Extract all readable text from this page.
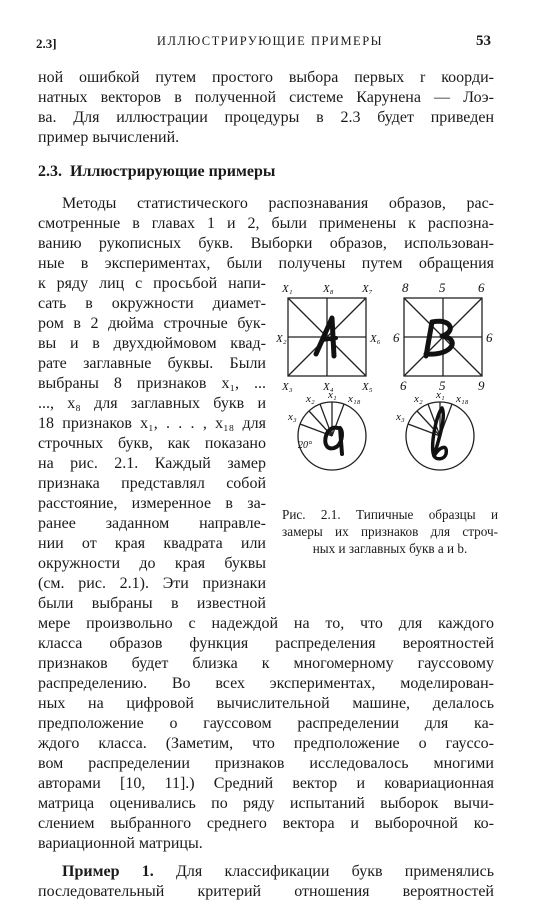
2.3]	ИЛЛЮСТРИРУЮЩИЕ ПРИМЕРЫ	53
ной ошибкой путем простого выбора первых r коорди-
натных векторов в полученной системе Карунена — Лоэ-
ва. Для иллюстрации процедуры в 2.3 будет приведен
пример вычислений.
2.3. Иллюстрирующие примеры
Методы статистического распознавания образов, рас-
смотренные в главах 1 и 2, были применены к распозна-
ванию рукописных букв. Выборки образов, использован-
ные в экспериментах, были получены путем обращения
к ряду лиц с просьбой напи-
сать в окружности диамет-
ром в 2 дюйма строчные бук-
вы и в двухдюймовом квад-
рате заглавные буквы. Были
выбраны 8 признаков x₁, ...
..., x₈ для заглавных букв и
18 признаков x₁, . . . , x₁₈ для
строчных букв, как показано
на рис. 2.1. Каждый замер
признака представлял собой
расстояние, измеренное в за-
ранее заданном направле-
нии от края квадрата или
окружности до края буквы
(см. рис. 2.1). Эти признаки
были выбраны в известной
X₁	X₈	X₇
X₂	X₆
X₃	X₄	X₅
8 5	6
6	6
6	5	9
x₂ x₁ x₁₈
x₃
20°
x₂ x₁ x₁₈
x₃
Рис. 2.1. Типичные образцы и
замеры их признаков для строч-
ных и заглавных букв a и b.
мере произвольно с надеждой на то, что для каждого
класса образов функция распределения вероятностей
признаков будет близка к многомерному гауссовому
распределению. Во всех экспериментах, моделирован-
ных на цифровой вычислительной машине, делалось
предположение о гауссовом распределении для ка-
ждого класса. (Заметим, что предположение о гауссо-
вом распределении признаков исследовалось многими
авторами [10, 11].) Средний вектор и ковариационная
матрица оценивались по ряду испытаний выборок вычи-
слением выбранного среднего вектора и выборочной ко-
вариационной матрицы.
Пример 1. Для классификации букв применялись
последовательный критерий отношения вероятностей
